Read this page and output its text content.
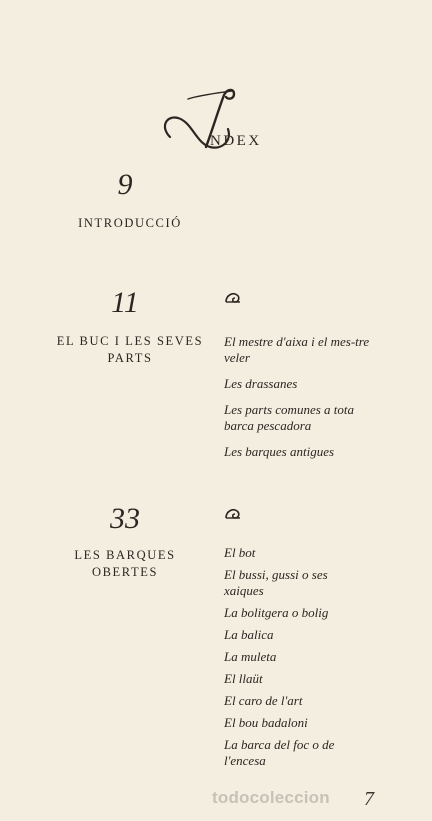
I
NDEX
9
INTRODUCCIÓ
11
EL BUC I LES SEVES PARTS

El mestre d'aixa i el mes-tre veler

Les drassanes

Les parts comunes a tota barca pescadora

Les barques antigues

33
LES BARQUES OBERTES

El bot

El bussi, gussi o ses xaiques

La bolitgera o bolig

La balica

La muleta

El llaüt

El caro de l'art

El bou badaloni

La barca del foc o de l'encesa

todocoleccion 7
